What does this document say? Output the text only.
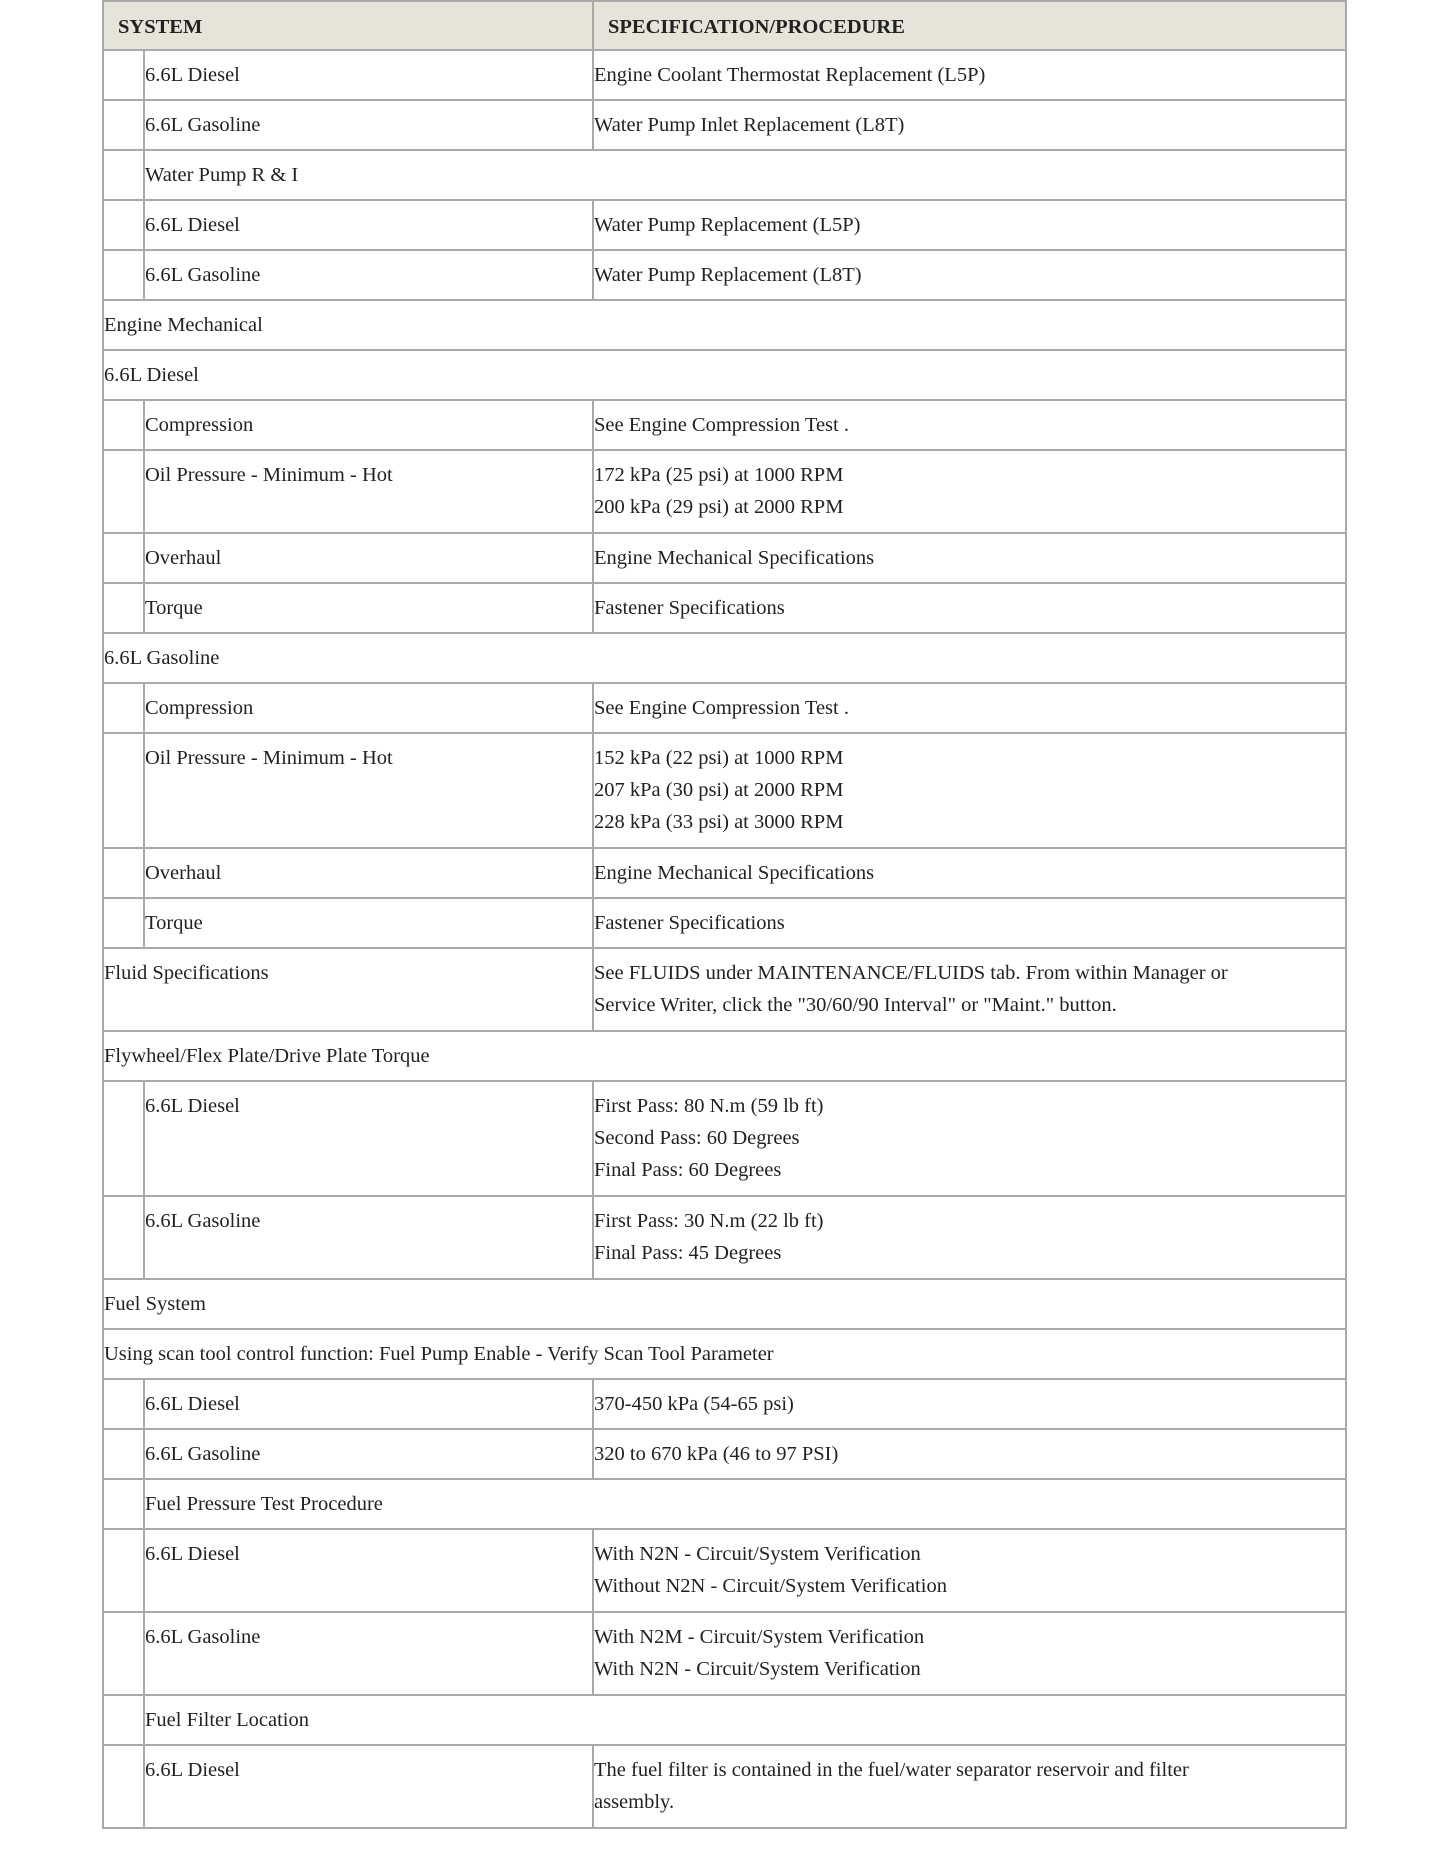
SYSTEM		SPECIFICATION/PROCEDURE

	6.6L Diesel	Engine Coolant Thermostat Replacement (L5P)

	6.6L Gasoline	Water Pump Inlet Replacement (L8T)

	Water Pump R & I	

	6.6L Diesel	Water Pump Replacement (L5P)

	6.6L Gasoline	Water Pump Replacement (L8T)

Engine Mechanical		

6.6L Diesel		

	Compression	See Engine Compression Test .

	Oil Pressure - Minimum - Hot	172 kPa (25 psi) at 1000 RPM
200 kPa (29 psi) at 2000 RPM

	Overhaul	Engine Mechanical Specifications

	Torque	Fastener Specifications

6.6L Gasoline		

	Compression	See Engine Compression Test .

	Oil Pressure - Minimum - Hot	152 kPa (22 psi) at 1000 RPM
207 kPa (30 psi) at 2000 RPM
228 kPa (33 psi) at 3000 RPM

	Overhaul	Engine Mechanical Specifications

	Torque	Fastener Specifications

Fluid Specifications		See FLUIDS under MAINTENANCE/FLUIDS tab. From within Manager or
Service Writer, click the "30/60/90 Interval" or "Maint." button.

Flywheel/Flex Plate/Drive Plate Torque		

	6.6L Diesel	First Pass: 80 N.m (59 lb ft)
Second Pass: 60 Degrees
Final Pass: 60 Degrees

	6.6L Gasoline	First Pass: 30 N.m (22 lb ft)
Final Pass: 45 Degrees

Fuel System		

Using scan tool control function: Fuel Pump Enable - Verify Scan Tool Parameter		

	6.6L Diesel	370-450 kPa (54-65 psi)

	6.6L Gasoline	320 to 670 kPa (46 to 97 PSI)

	Fuel Pressure Test Procedure	

	6.6L Diesel	With N2N - Circuit/System Verification
Without N2N - Circuit/System Verification

	6.6L Gasoline	With N2M - Circuit/System Verification
With N2N - Circuit/System Verification

	Fuel Filter Location	

	6.6L Diesel	The fuel filter is contained in the fuel/water separator reservoir and filter
assembly.
